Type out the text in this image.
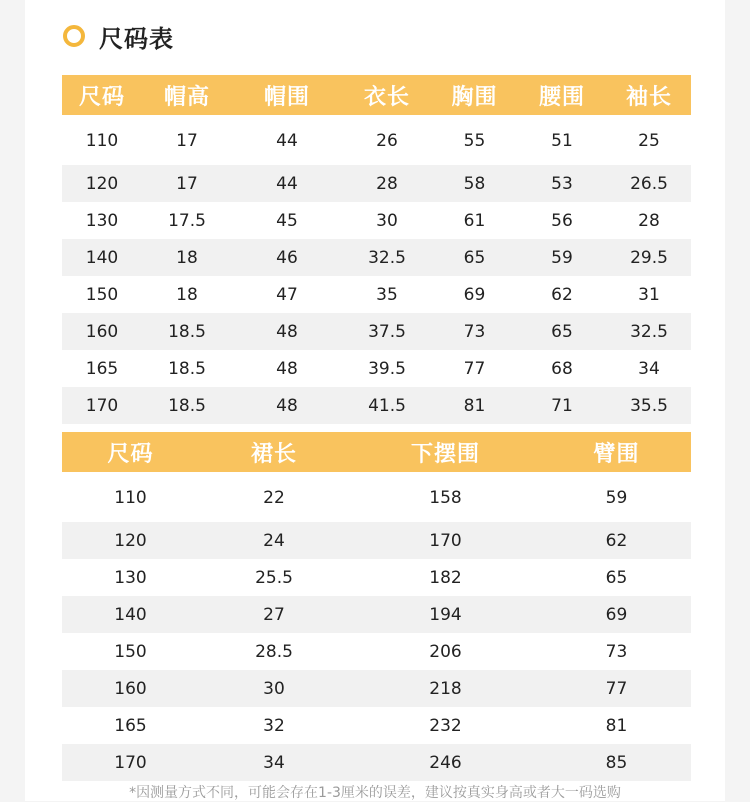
尺码表
尺码	帽高	帽围	衣长	胸围	腰围	袖长
110	17	44	26	55	51	25
120	17	44	28	58	53	26.5
130	17.5	45	30	61	56	28
140	18	46	32.5	65	59	29.5
150	18	47	35	69	62	31
160	18.5	48	37.5	73	65	32.5
165	18.5	48	39.5	77	68	34
170	18.5	48	41.5	81	71	35.5
尺码	裙长	下摆围	臂围
110	22	158	59
120	24	170	62
130	25.5	182	65
140	27	194	69
150	28.5	206	73
160	30	218	77
165	32	232	81
170	34	246	85
*因测量方式不同，可能会存在1-3厘米的误差，建议按真实身高或者大一码选购
